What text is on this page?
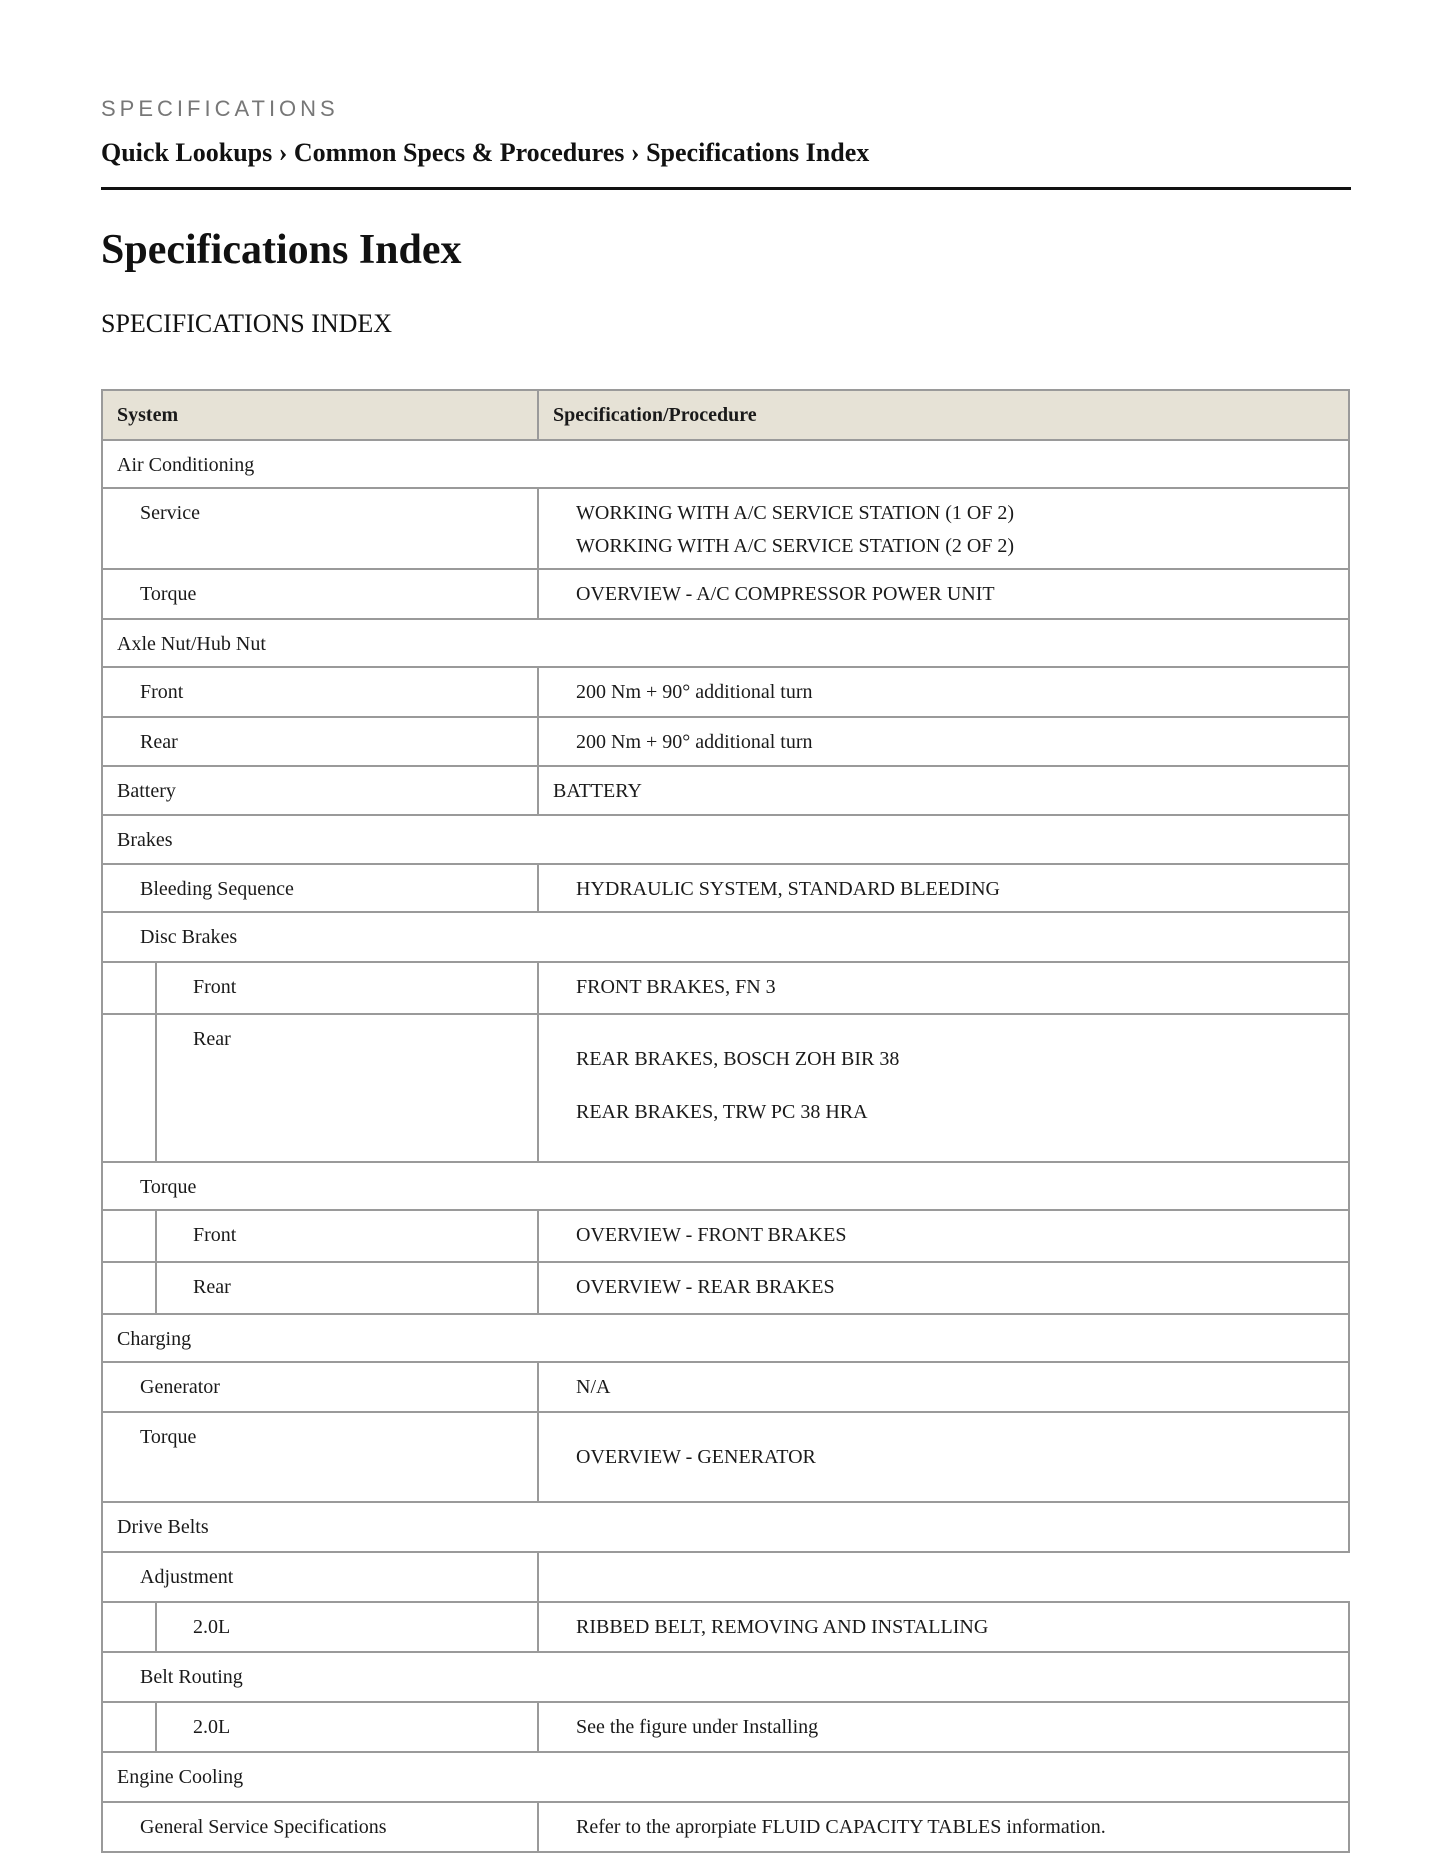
SPECIFICATIONS
Quick Lookups › Common Specs & Procedures › Specifications Index
Specifications Index
SPECIFICATIONS INDEX
System	Specification/Procedure
Air Conditioning	
Service	WORKING WITH A/C SERVICE STATION (1 OF 2)
WORKING WITH A/C SERVICE STATION (2 OF 2)

Torque	OVERVIEW - A/C COMPRESSOR POWER UNIT
Axle Nut/Hub Nut	
Front	200 Nm + 90° additional turn
Rear	200 Nm + 90° additional turn
Battery	BATTERY
Brakes	
Bleeding Sequence	HYDRAULIC SYSTEM, STANDARD BLEEDING
Disc Brakes	

Front	FRONT BRAKES, FN 3

Rear	REAR BRAKES, BOSCH ZOH BIR 38
REAR BRAKES, TRW PC 38 HRA

Torque	

Front	OVERVIEW - FRONT BRAKES

Rear	OVERVIEW - REAR BRAKES
Charging	
Generator	N/A
Torque	OVERVIEW - GENERATOR
Drive Belts	
Adjustment	

2.0L	RIBBED BELT, REMOVING AND INSTALLING
Belt Routing	

2.0L	See the figure under Installing
Engine Cooling	
General Service Specifications	Refer to the aprorpiate FLUID CAPACITY TABLES information.
